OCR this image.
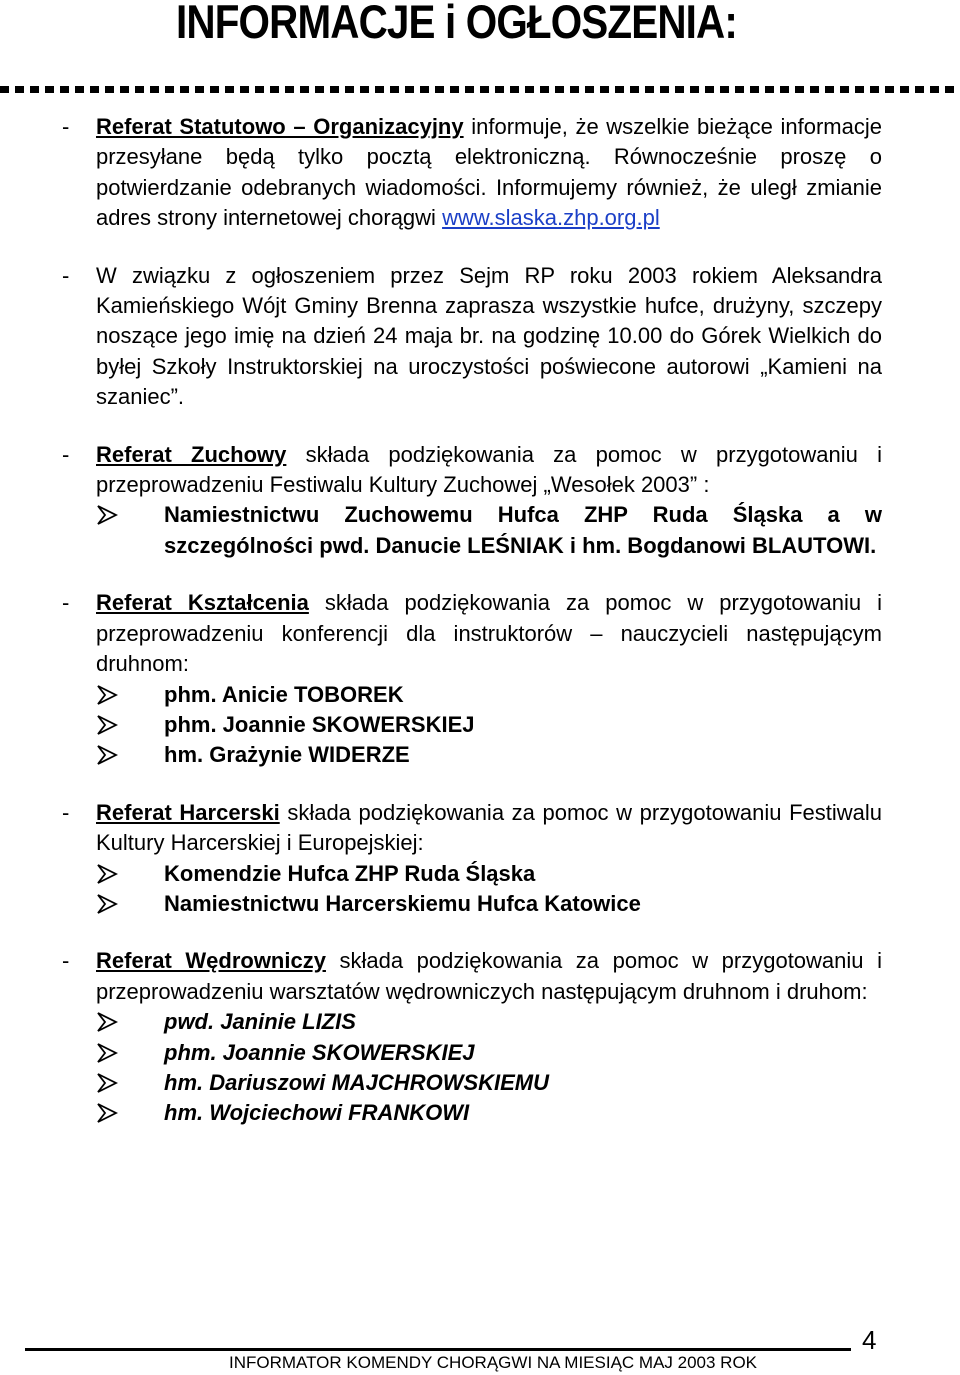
INFORMACJE i OGŁOSZENIA:
- Referat Statutowo – Organizacyjny informuje, że wszelkie bieżące informacje przesyłane będą tylko pocztą elektroniczną. Równocześnie proszę o potwierdzanie odebranych wiadomości. Informujemy również, że uległ zmianie adres strony internetowej chorągwi www.slaska.zhp.org.pl
- W związku z ogłoszeniem przez Sejm RP roku 2003 rokiem Aleksandra Kamieńskiego Wójt Gminy Brenna zaprasza wszystkie hufce, drużyny, szczepy noszące jego imię na dzień 24 maja br. na godzinę 10.00 do Górek Wielkich do byłej Szkoły Instruktorskiej na uroczystości poświecone autorowi „Kamieni na szaniec”.
- Referat Zuchowy składa podziękowania za pomoc w przygotowaniu i przeprowadzeniu Festiwalu Kultury Zuchowej „Wesołek 2003” :
Namiestnictwu Zuchowemu Hufca ZHP Ruda Śląska a w szczególności pwd. Danucie LEŚNIAK i hm. Bogdanowi BLAUTOWI.
- Referat Kształcenia składa podziękowania za pomoc w przygotowaniu i przeprowadzeniu konferencji dla instruktorów – nauczycieli następującym druhnom:
phm. Anicie TOBOREK
phm. Joannie SKOWERSKIEJ
hm. Grażynie WIDERZE
- Referat Harcerski składa podziękowania za pomoc w przygotowaniu Festiwalu Kultury Harcerskiej i Europejskiej:
Komendzie Hufca ZHP Ruda Śląska
Namiestnictwu Harcerskiemu Hufca Katowice
- Referat Wędrowniczy składa podziękowania za pomoc w przygotowaniu i przeprowadzeniu warsztatów wędrowniczych następującym druhnom i druhom:
pwd. Janinie LIZIS
phm. Joannie SKOWERSKIEJ
hm. Dariuszowi MAJCHROWSKIEMU
hm. Wojciechowi FRANKOWI
4
INFORMATOR KOMENDY CHORĄGWI NA MIESIĄC MAJ 2003 ROK
